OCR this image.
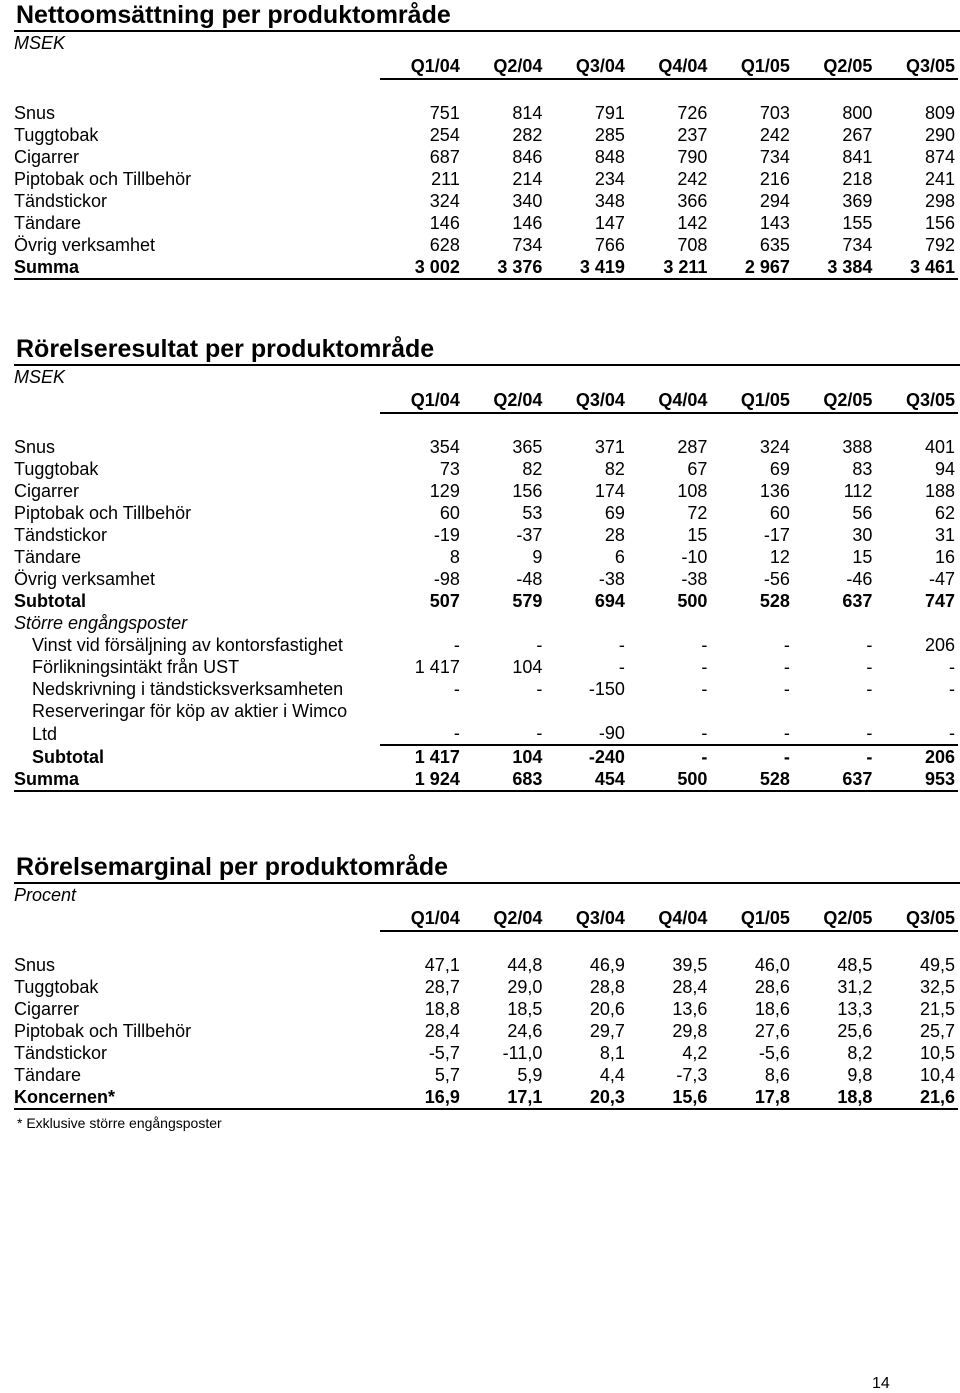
Nettoomsättning per produktområde
MSEK
	Q1/04	Q2/04	Q3/04	Q4/04	Q1/05	Q2/05	Q3/05

Snus	751	814	791	726	703	800	809
Tuggtobak	254	282	285	237	242	267	290
Cigarrer	687	846	848	790	734	841	874
Piptobak och Tillbehör	211	214	234	242	216	218	241
Tändstickor	324	340	348	366	294	369	298
Tändare	146	146	147	142	143	155	156
Övrig verksamhet	628	734	766	708	635	734	792
Summa	3 002	3 376	3 419	3 211	2 967	3 384	3 461
Rörelseresultat per produktområde
MSEK
	Q1/04	Q2/04	Q3/04	Q4/04	Q1/05	Q2/05	Q3/05

Snus	354	365	371	287	324	388	401
Tuggtobak	73	82	82	67	69	83	94
Cigarrer	129	156	174	108	136	112	188
Piptobak och Tillbehör	60	53	69	72	60	56	62
Tändstickor	-19	-37	28	15	-17	30	31
Tändare	8	9	6	-10	12	15	16
Övrig verksamhet	-98	-48	-38	-38	-56	-46	-47
Subtotal	507	579	694	500	528	637	747
Större engångsposter							
Vinst vid försäljning av kontorsfastighet	-	-	-	-	-	-	206
Förlikningsintäkt från UST	1 417	104	-	-	-	-	-
Nedskrivning i tändsticksverksamheten	-	-	-150	-	-	-	-
Reserveringar för köp av aktier i Wimco							
Ltd	-	-	-90	-	-	-	-
Subtotal	1 417	104	-240	-	-	-	206
Summa	1 924	683	454	500	528	637	953
Rörelsemarginal per produktområde
Procent
	Q1/04	Q2/04	Q3/04	Q4/04	Q1/05	Q2/05	Q3/05

Snus	47,1	44,8	46,9	39,5	46,0	48,5	49,5
Tuggtobak	28,7	29,0	28,8	28,4	28,6	31,2	32,5
Cigarrer	18,8	18,5	20,6	13,6	18,6	13,3	21,5
Piptobak och Tillbehör	28,4	24,6	29,7	29,8	27,6	25,6	25,7
Tändstickor	-5,7	-11,0	8,1	4,2	-5,6	8,2	10,5
Tändare	5,7	5,9	4,4	-7,3	8,6	9,8	10,4
Koncernen*	16,9	17,1	20,3	15,6	17,8	18,8	21,6
* Exklusive större engångsposter
14
